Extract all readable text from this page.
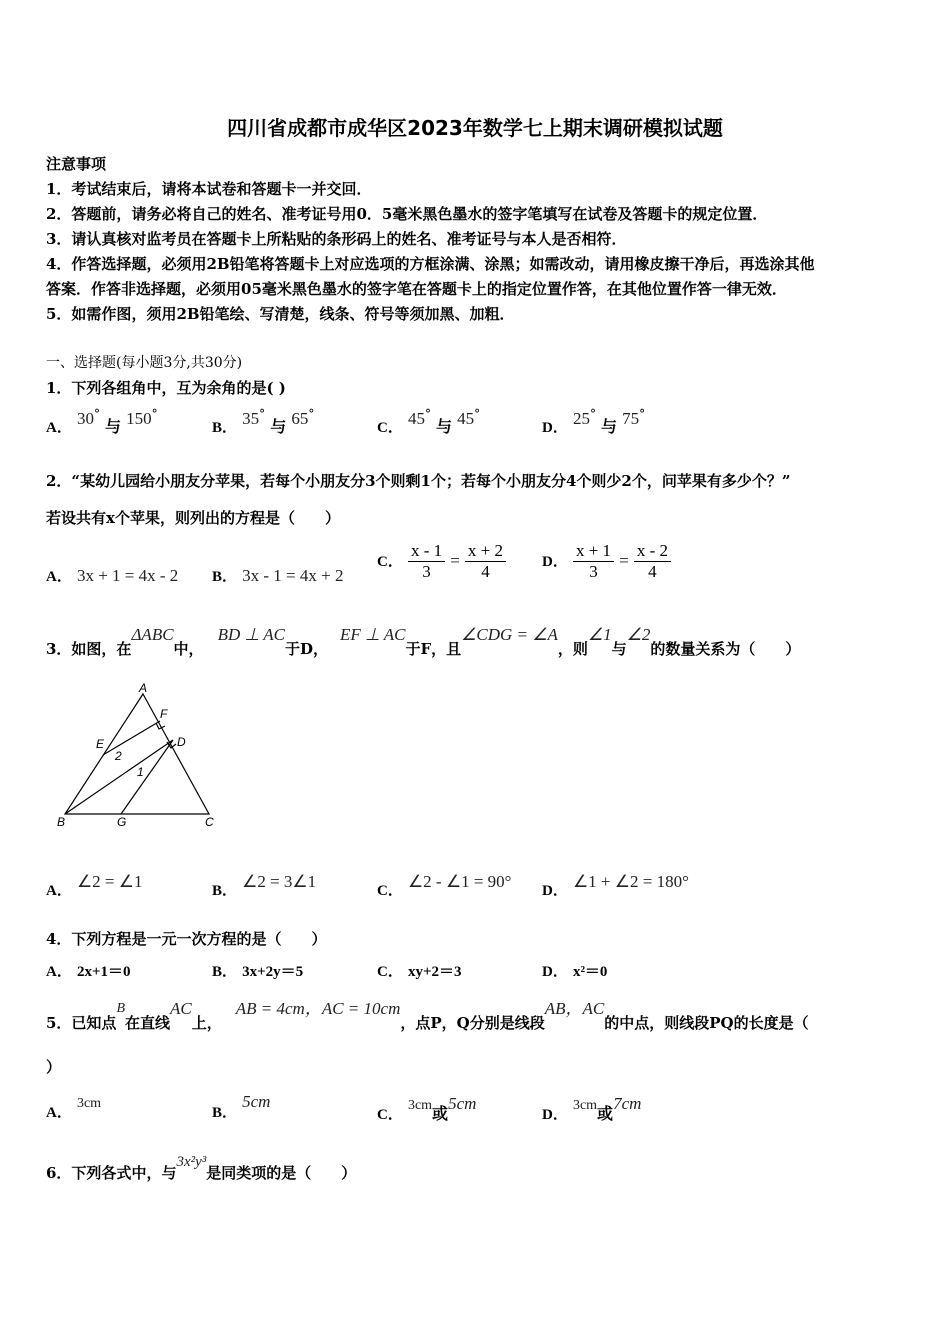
四川省成都市成华区2023年数学七上期末调研模拟试题
注意事项
1．考试结束后，请将本试卷和答题卡一并交回．
2．答题前，请务必将自己的姓名、准考证号用0．5毫米黑色墨水的签字笔填写在试卷及答题卡的规定位置．
3．请认真核对监考员在答题卡上所粘贴的条形码上的姓名、准考证号与本人是否相符．
4．作答选择题，必须用2B铅笔将答题卡上对应选项的方框涂满、涂黑；如需改动，请用橡皮擦干净后，再选涂其他
答案．作答非选择题，必须用05毫米黑色墨水的签字笔在答题卡上的指定位置作答，在其他位置作答一律无效．
5．如需作图，须用2B铅笔绘、写清楚，线条、符号等须加黑、加粗．
一、选择题(每小题3分,共30分)
1．下列各组角中，互为余角的是( )
A． 30° 与 150°
B． 35° 与 65°
C． 45° 与 45°
D． 25° 与 75°
2．“某幼儿园给小朋友分苹果，若每个小朋友分3个则剩1个；若每个小朋友分4个则少2个，问苹果有多少个？”
若设共有x个苹果，则列出的方程是（　　）
A． 3x + 1 = 4x - 2 B． 3x - 1 = 4x + 2
C． $\frac{x - 1}{3} = \frac{x + 2}{4}$ D． $\frac{x + 1}{3} = \frac{x - 2}{4}$
3．如图，在ΔABC中，BD ⊥ AC于D，EF ⊥ AC于F，且∠CDG = ∠A，则∠1与∠2的数量关系为（　　）
A
B	C
D
E
F
G
1
2
A． ∠2 = ∠1	B． ∠2 = 3∠1	C． ∠2 - ∠1 = 90° D． ∠1 + ∠2 = 180°
4．下列方程是一元一次方程的是（　　）
A． 2x+1＝0	B． 3x+2y＝5	C． xy+2＝3	D． x²＝0
5．已知点B在直线AC上，AB = 4cm，AC = 10cm，点P，Q分别是线段AB，AC的中点，则线段PQ的长度是（
）
A． 3cm
B． 5cm
C． 3cm或5cm
D． 3cm或7cm
6．下列各式中，与3x²y³是同类项的是（　　）
